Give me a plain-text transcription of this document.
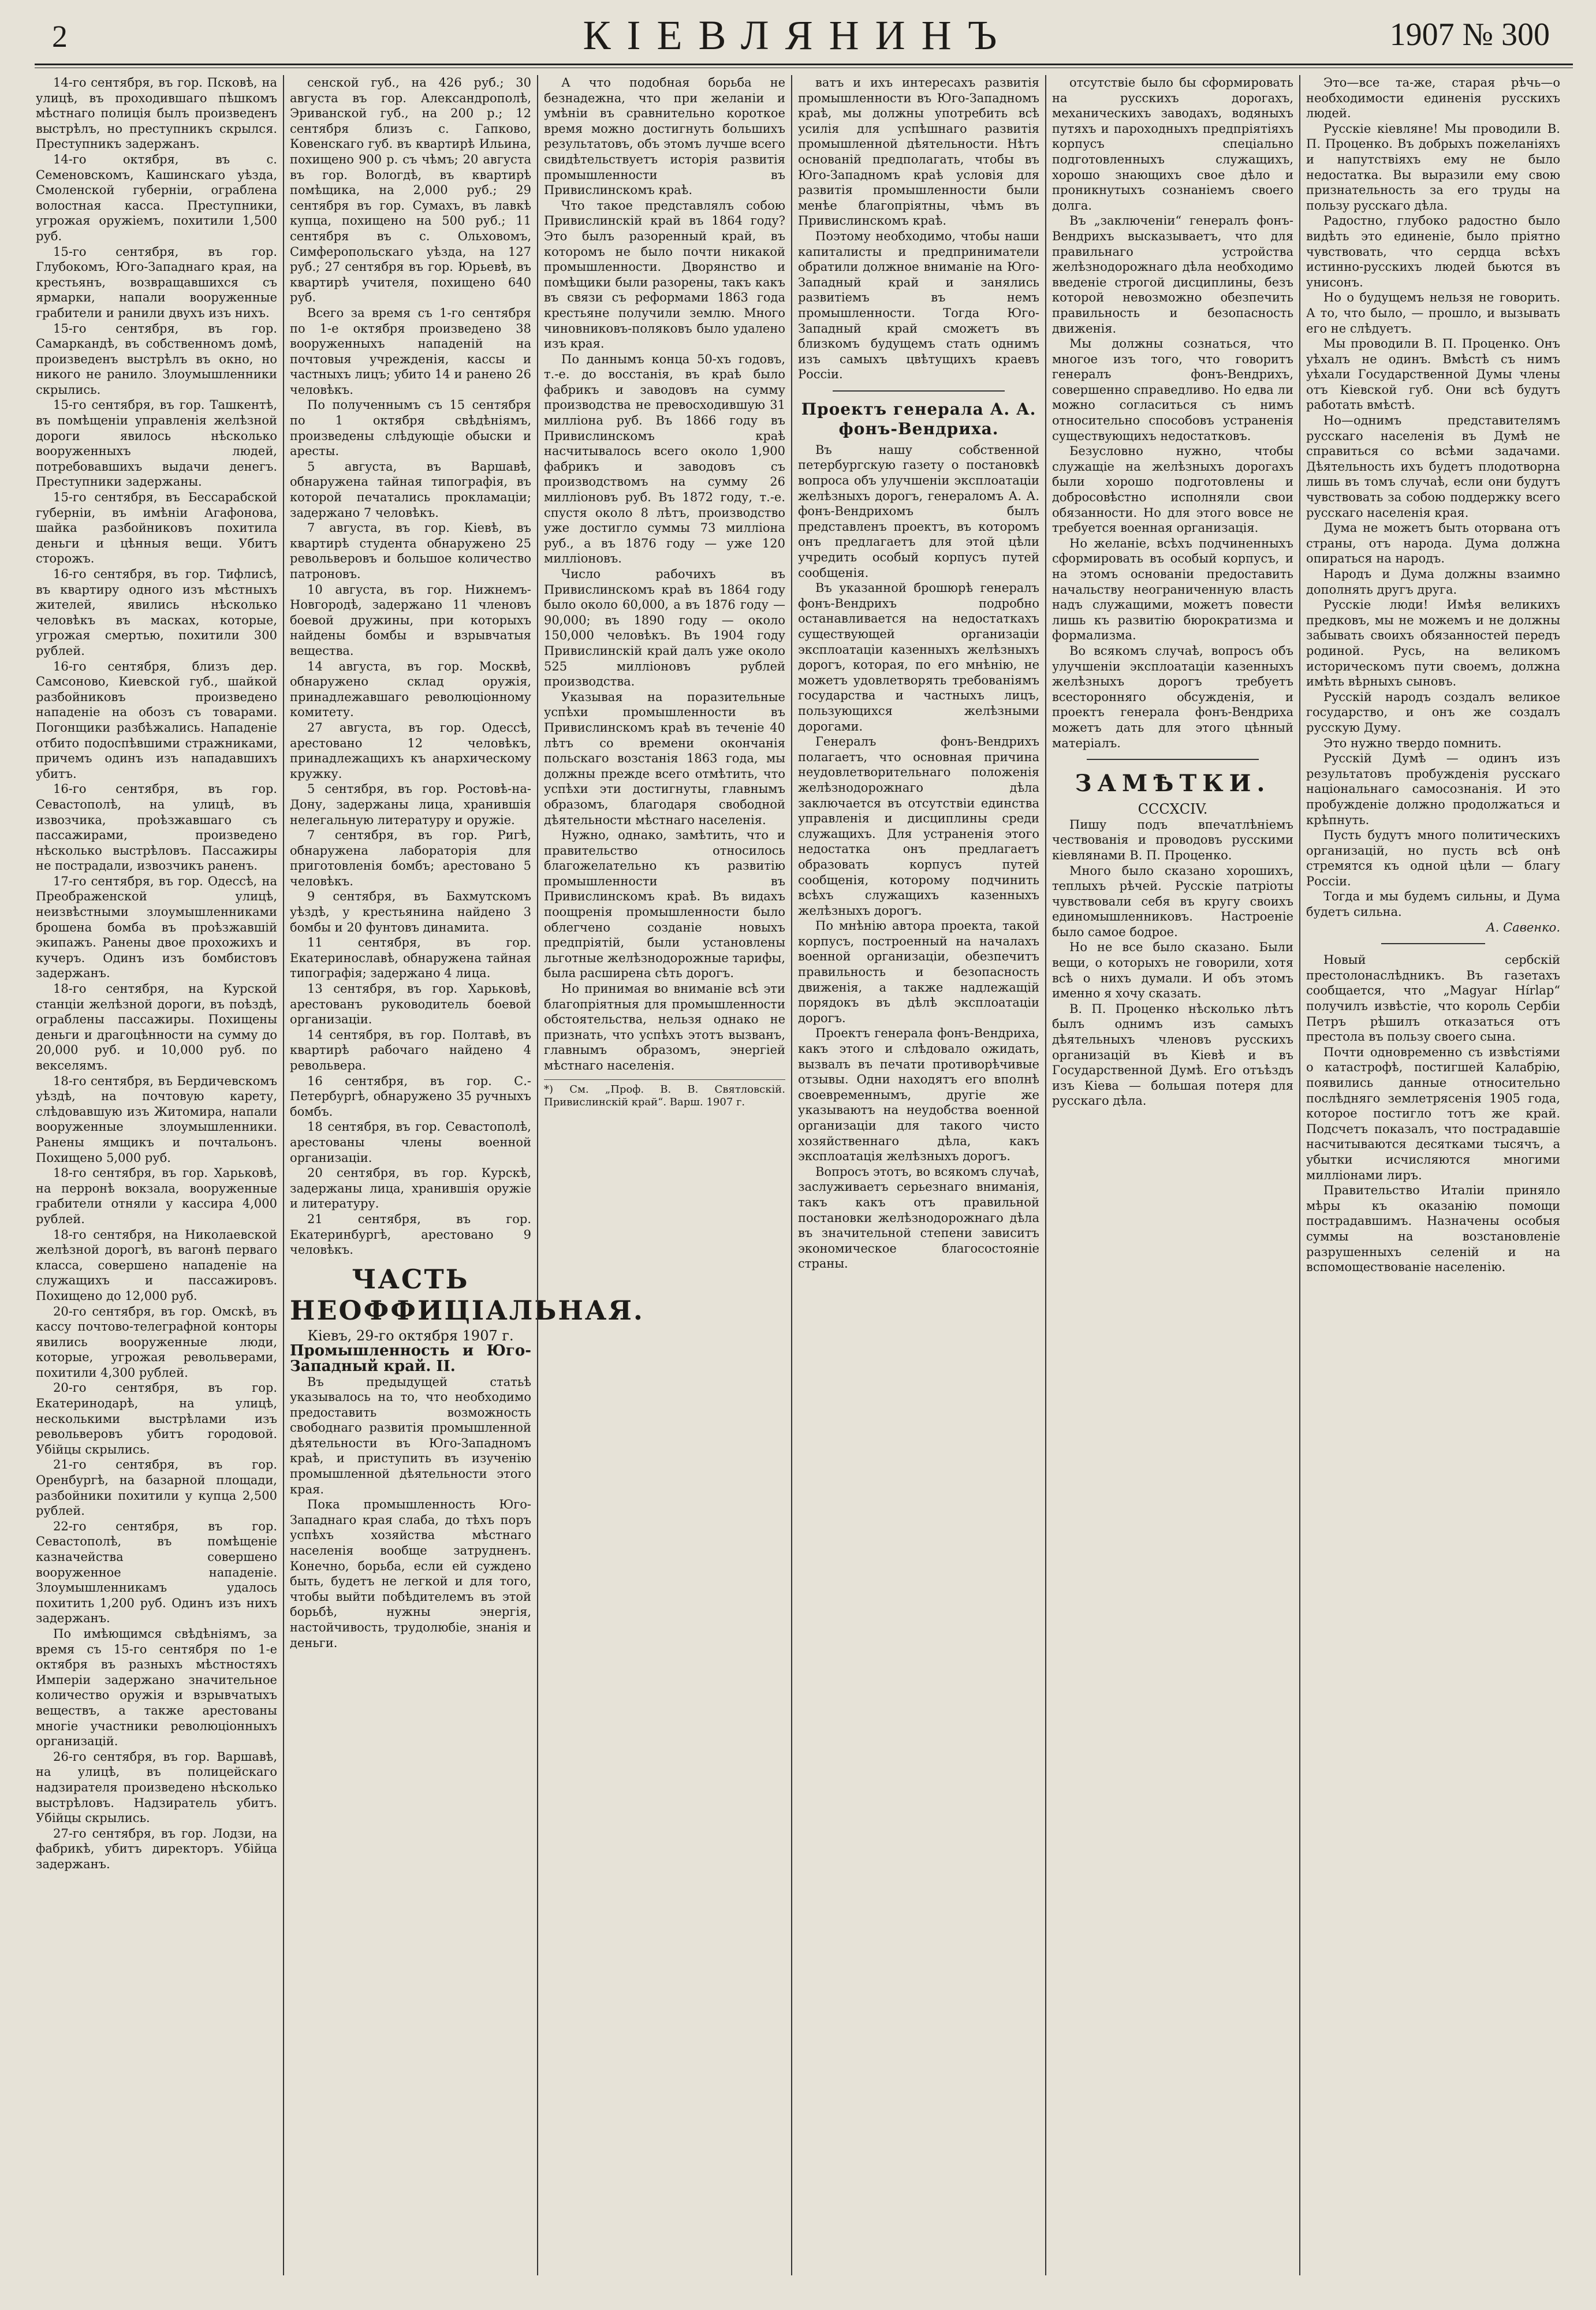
2	КІЕВЛЯНИНЪ	1907 № 300

14-го сентября, въ гор. Псковѣ, на улицѣ, въ проходившаго пѣшкомъ мѣстнаго полиція былъ произведенъ выстрѣлъ, но преступникъ скрылся. Преступникъ задержанъ.

14-го октября, въ с. Семеновскомъ, Кашинскаго уѣзда, Смоленской губерніи, ограблена волостная касса. Преступники, угрожая оружіемъ, похитили 1,500 руб.

15-го сентября, въ гор. Глубокомъ, Юго-Западнаго края, на крестьянъ, возвращавшихся съ ярмарки, напали вооруженные грабители и ранили двухъ изъ нихъ.

15-го сентября, въ гор. Самаркандѣ, въ собственномъ домѣ, произведенъ выстрѣлъ въ окно, но никого не ранило. Злоумышленники скрылись.

15-го сентября, въ гор. Ташкентѣ, въ помѣщеніи управленія желѣзной дороги явилось нѣсколько вооруженныхъ людей, потребовавшихъ выдачи денегъ. Преступники задержаны.

15-го сентября, въ Бессарабской губерніи, въ имѣніи Агафонова, шайка разбойниковъ похитила деньги и цѣнныя вещи. Убитъ сторожъ.

16-го сентября, въ гор. Тифлисѣ, въ квартиру одного изъ мѣстныхъ жителей, явились нѣсколько человѣкъ въ масках, которые, угрожая смертью, похитили 300 рублей.

16-го сентября, близъ дер. Самсоново, Киевской губ., шайкой разбойниковъ произведено нападеніе на обозъ съ товарами. Погонщики разбѣжались. Нападеніе отбито подоспѣвшими стражниками, причемъ одинъ изъ нападавшихъ убитъ.

16-го сентября, въ гор. Севастополѣ, на улицѣ, въ извозчика, проѣзжавшаго съ пассажирами, произведено нѣсколько выстрѣловъ. Пассажиры не пострадали, извозчикъ раненъ.

17-го сентября, въ гор. Одессѣ, на Преображенской улицѣ, неизвѣстными злоумышленниками брошена бомба въ проѣзжавшій экипажъ. Ранены двое прохожихъ и кучеръ. Одинъ изъ бомбистовъ задержанъ.

18-го сентября, на Курской станціи желѣзной дороги, въ поѣздѣ, ограблены пассажиры. Похищены деньги и драгоцѣнности на сумму до 20,000 руб. и 10,000 руб. по векселямъ.

18-го сентября, въ Бердичевскомъ уѣздѣ, на почтовую карету, слѣдовавшую изъ Житомира, напали вооруженные злоумышленники. Ранены ямщикъ и почтальонъ. Похищено 5,000 руб.

18-го сентября, въ гор. Харьковѣ, на перронѣ вокзала, вооруженные грабители отняли у кассира 4,000 рублей.

18-го сентября, на Николаевской желѣзной дорогѣ, въ вагонѣ перваго класса, совершено нападеніе на служащихъ и пассажировъ. Похищено до 12,000 руб.

20-го сентября, въ гор. Омскѣ, въ кассу почтово-телеграфной конторы явились вооруженные люди, которые, угрожая револьверами, похитили 4,300 рублей.

20-го сентября, въ гор. Екатеринодарѣ, на улицѣ, несколькими выстрѣлами изъ револьверовъ убитъ городовой. Убійцы скрылись.

21-го сентября, въ гор. Оренбургѣ, на базарной площади, разбойники похитили у купца 2,500 рублей.

22-го сентября, въ гор. Севастополѣ, въ помѣщеніе казначейства совершено вооруженное нападеніе. Злоумышленникамъ удалось похитить 1,200 руб. Одинъ изъ нихъ задержанъ.

По имѣющимся свѣдѣніямъ, за время съ 15-го сентября по 1-е октября въ разныхъ мѣстностяхъ Имперіи задержано значительное количество оружія и взрывчатыхъ веществъ, а также арестованы многіе участники революціонныхъ организацій.

26-го сентября, въ гор. Варшавѣ, на улицѣ, въ полицейскаго надзирателя произведено нѣсколько выстрѣловъ. Надзиратель убитъ. Убійцы скрылись.

27-го сентября, въ гор. Лодзи, на фабрикѣ, убитъ директоръ. Убійца задержанъ.

сенской губ., на 426 руб.; 30 августа въ гор. Александрополѣ, Эриванской губ., на 200 р.; 12 сентября близъ с. Гапково, Ковенскаго губ. въ квартирѣ Ильина, похищено 900 р. съ чѣмъ; 20 августа въ гор. Вологдѣ, въ квартирѣ помѣщика, на 2,000 руб.; 29 сентября въ гор. Сумахъ, въ лавкѣ купца, похищено на 500 руб.; 11 сентября въ с. Ольховомъ, Симферопольскаго уѣзда, на 127 руб.; 27 сентября въ гор. Юрьевѣ, въ квартирѣ учителя, похищено 640 руб.

Всего за время съ 1-го сентября по 1-е октября произведено 38 вооруженныхъ нападеній на почтовыя учрежденія, кассы и частныхъ лицъ; убито 14 и ранено 26 человѣкъ.

По полученнымъ съ 15 сентября по 1 октября свѣдѣніямъ, произведены слѣдующіе обыски и аресты.

5 августа, въ Варшавѣ, обнаружена тайная типографія, въ которой печатались прокламаціи; задержано 7 человѣкъ.

7 августа, въ гор. Кіевѣ, въ квартирѣ студента обнаружено 25 револьверовъ и большое количество патроновъ.

10 августа, въ гор. Нижнемъ-Новгородѣ, задержано 11 членовъ боевой дружины, при которыхъ найдены бомбы и взрывчатыя вещества.

14 августа, въ гор. Москвѣ, обнаружено склад оружія, принадлежавшаго революціонному комитету.

27 августа, въ гор. Одессѣ, арестовано 12 человѣкъ, принадлежащихъ къ анархическому кружку.

5 сентября, въ гор. Ростовѣ-на-Дону, задержаны лица, хранившія нелегальную литературу и оружіе.

7 сентября, въ гор. Ригѣ, обнаружена лабораторія для приготовленія бомбъ; арестовано 5 человѣкъ.

9 сентября, въ Бахмутскомъ уѣздѣ, у крестьянина найдено 3 бомбы и 20 фунтовъ динамита.

11 сентября, въ гор. Екатеринославѣ, обнаружена тайная типографія; задержано 4 лица.

13 сентября, въ гор. Харьковѣ, арестованъ руководитель боевой организаціи.

14 сентября, въ гор. Полтавѣ, въ квартирѣ рабочаго найдено 4 револьвера.

16 сентября, въ гор. С.-Петербургѣ, обнаружено 35 ручныхъ бомбъ.

18 сентября, въ гор. Севастополѣ, арестованы члены военной организаціи.

20 сентября, въ гор. Курскѣ, задержаны лица, хранившія оружіе и литературу.

21 сентября, въ гор. Екатеринбургѣ, арестовано 9 человѣкъ.

ЧАСТЬ НЕОФФИЦІАЛЬНАЯ.

Кіевъ, 29-го октября 1907 г.

Промышленность и Юго-Западный край. II.

Въ предыдущей статьѣ указывалось на то, что необходимо предоставить возможность свободнаго развитія промышленной дѣятельности въ Юго-Западномъ краѣ, и приступить въ изученію промышленной дѣятельности этого края.

Пока промышленность Юго-Западнаго края слаба, до тѣхъ поръ успѣхъ хозяйства мѣстнаго населенія вообще затрудненъ. Конечно, борьба, если ей суждено быть, будетъ не легкой и для того, чтобы выйти побѣдителемъ въ этой борьбѣ, нужны энергія, настойчивость, трудолюбіе, знанія и деньги.

А что подобная борьба не безнадежна, что при желаніи и умѣніи въ сравнительно короткое время можно достигнуть большихъ результатовъ, объ этомъ лучше всего свидѣтельствуетъ исторія развитія промышленности въ Привислинскомъ краѣ.

Что такое представлялъ собою Привислинскій край въ 1864 году? Это былъ разоренный край, въ которомъ не было почти никакой промышленности. Дворянство и помѣщики были разорены, такъ какъ въ связи съ реформами 1863 года крестьяне получили землю. Много чиновниковъ-поляковъ было удалено изъ края.

По даннымъ конца 50-хъ годовъ, т.-е. до восстанія, въ краѣ было фабрикъ и заводовъ на сумму производства не превосходившую 31 милліона руб. Въ 1866 году въ Привислинскомъ краѣ насчитывалось всего около 1,900 фабрикъ и заводовъ съ производствомъ на сумму 26 милліоновъ руб. Въ 1872 году, т.-е. спустя около 8 лѣтъ, производство уже достигло суммы 73 милліона руб., а въ 1876 году — уже 120 милліоновъ.

Число рабочихъ въ Привислинскомъ краѣ въ 1864 году было около 60,000, а въ 1876 году — 90,000; въ 1890 году — около 150,000 человѣкъ. Въ 1904 году Привислинскій край далъ уже около 525 милліоновъ рублей производства.

Указывая на поразительные успѣхи промышленности въ Привислинскомъ краѣ въ теченіе 40 лѣтъ со времени окончанія польскаго возстанія 1863 года, мы должны прежде всего отмѣтить, что успѣхи эти достигнуты, главнымъ образомъ, благодаря свободной дѣятельности мѣстнаго населенія.

Нужно, однако, замѣтить, что и правительство относилось благожелательно къ развитію промышленности въ Привислинскомъ краѣ. Въ видахъ поощренія промышленности было облегчено созданіе новыхъ предпріятій, были установлены льготные желѣзнодорожные тарифы, была расширена сѣть дорогъ.

Но принимая во вниманіе всѣ эти благопріятныя для промышленности обстоятельства, нельзя однако не признать, что успѣхъ этотъ вызванъ, главнымъ образомъ, энергіей мѣстнаго населенія.

*) См. „Проф. В. В. Святловскій. Привислинскій край“. Варш. 1907 г.

ватъ и ихъ интересахъ развитія промышленности въ Юго-Западномъ краѣ, мы должны употребить всѣ усилія для успѣшнаго развитія промышленной дѣятельности. Нѣтъ основаній предполагать, чтобы въ Юго-Западномъ краѣ условія для развитія промышленности были менѣе благопріятны, чѣмъ въ Привислинскомъ краѣ.

Поэтому необходимо, чтобы наши капиталисты и предприниматели обратили должное вниманіе на Юго-Западный край и занялись развитіемъ въ немъ промышленности. Тогда Юго-Западный край сможетъ въ близкомъ будущемъ стать однимъ изъ самыхъ цвѣтущихъ краевъ Россіи.

Проектъ генерала А. А. фонъ-Вендриха.

Въ нашу собственной петербургскую газету о постановкѣ вопроса объ улучшеніи эксплоатаціи желѣзныхъ дорогъ, генераломъ А. А. фонъ-Вендрихомъ былъ представленъ проектъ, въ которомъ онъ предлагаетъ для этой цѣли учредить особый корпусъ путей сообщенія.

Въ указанной брошюрѣ генералъ фонъ-Вендрихъ подробно останавливается на недостаткахъ существующей организаціи эксплоатаціи казенныхъ желѣзныхъ дорогъ, которая, по его мнѣнію, не можетъ удовлетворять требованіямъ государства и частныхъ лицъ, пользующихся желѣзными дорогами.

Генералъ фонъ-Вендрихъ полагаетъ, что основная причина неудовлетворительнаго положенія желѣзнодорожнаго дѣла заключается въ отсутствіи единства управленія и дисциплины среди служащихъ. Для устраненія этого недостатка онъ предлагаетъ образовать корпусъ путей сообщенія, которому подчинить всѣхъ служащихъ казенныхъ желѣзныхъ дорогъ.

По мнѣнію автора проекта, такой корпусъ, построенный на началахъ военной организаціи, обезпечитъ правильность и безопасность движенія, а также надлежащій порядокъ въ дѣлѣ эксплоатаціи дорогъ.

Проектъ генерала фонъ-Вендриха, какъ этого и слѣдовало ожидать, вызвалъ въ печати противорѣчивые отзывы. Одни находятъ его вполнѣ своевременнымъ, другіе же указываютъ на неудобства военной организаціи для такого чисто хозяйственнаго дѣла, какъ эксплоатація желѣзныхъ дорогъ.

Вопросъ этотъ, во всякомъ случаѣ, заслуживаетъ серьезнаго вниманія, такъ какъ отъ правильной постановки желѣзнодорожнаго дѣла въ значительной степени зависитъ экономическое благосостояніе страны.

отсутствіе было бы сформировать на русскихъ дорогахъ, механическихъ заводахъ, водяныхъ путяхъ и пароходныхъ предпріятіяхъ корпусъ спеціально подготовленныхъ служащихъ, хорошо знающихъ свое дѣло и проникнутыхъ сознаніемъ своего долга.

Въ „заключеніи“ генералъ фонъ-Вендрихъ высказываетъ, что для правильнаго устройства желѣзнодорожнаго дѣла необходимо введеніе строгой дисциплины, безъ которой невозможно обезпечить правильность и безопасность движенія.

Мы должны сознаться, что многое изъ того, что говоритъ генералъ фонъ-Вендрихъ, совершенно справедливо. Но едва ли можно согласиться съ нимъ относительно способовъ устраненія существующихъ недостатковъ.

Безусловно нужно, чтобы служащіе на желѣзныхъ дорогахъ были хорошо подготовлены и добросовѣстно исполняли свои обязанности. Но для этого вовсе не требуется военная организація.

Но желаніе, всѣхъ подчиненныхъ сформировать въ особый корпусъ, и на этомъ основаніи предоставить начальству неограниченную власть надъ служащими, можетъ повести лишь къ развитію бюрократизма и формализма.

Во всякомъ случаѣ, вопросъ объ улучшеніи эксплоатаціи казенныхъ желѣзныхъ дорогъ требуетъ всесторонняго обсужденія, и проектъ генерала фонъ-Вендриха можетъ дать для этого цѣнный матеріалъ.

ЗАМѢТКИ.

СССХСІV.

Пишу подъ впечатлѣніемъ чествованія и проводовъ русскими кіевлянами В. П. Проценко.

Много было сказано хорошихъ, теплыхъ рѣчей. Русскіе патріоты чувствовали себя въ кругу своихъ единомышленниковъ. Настроеніе было самое бодрое.

Но не все было сказано. Были вещи, о которыхъ не говорили, хотя всѣ о нихъ думали. И объ этомъ именно я хочу сказать.

В. П. Проценко нѣсколько лѣтъ былъ однимъ изъ самыхъ дѣятельныхъ членовъ русскихъ организацій въ Кіевѣ и въ Государственной Думѣ. Его отъѣздъ изъ Кіева — большая потеря для русскаго дѣла.

Это—все та-же, старая рѣчь—о необходимости единенія русскихъ людей.

Русскіе кіевляне! Мы проводили В. П. Проценко. Въ добрыхъ пожеланіяхъ и напутствіяхъ ему не было недостатка. Вы выразили ему свою признательность за его труды на пользу русскаго дѣла.

Радостно, глубоко радостно было видѣть это единеніе, было пріятно чувствовать, что сердца всѣхъ истинно-русскихъ людей бьются въ унисонъ.

Но о будущемъ нельзя не говорить. А то, что было, — прошло, и вызывать его не слѣдуетъ.

Мы проводили В. П. Проценко. Онъ уѣхалъ не одинъ. Вмѣстѣ съ нимъ уѣхали Государственной Думы члены отъ Кіевской губ. Они всѣ будутъ работать вмѣстѣ.

Но—однимъ представителямъ русскаго населенія въ Думѣ не справиться со всѣми задачами. Дѣятельность ихъ будетъ плодотворна лишь въ томъ случаѣ, если они будутъ чувствовать за собою поддержку всего русскаго населенія края.

Дума не можетъ быть оторвана отъ страны, отъ народа. Дума должна опираться на народъ.

Народъ и Дума должны взаимно дополнять другъ друга.

Русскіе люди! Имѣя великихъ предковъ, мы не можемъ и не должны забывать своихъ обязанностей передъ родиной. Русь, на великомъ историческомъ пути своемъ, должна имѣть вѣрныхъ сыновъ.

Русскій народъ создалъ великое государство, и онъ же создалъ русскую Думу.

Это нужно твердо помнить.

Русскій Думѣ — одинъ изъ результатовъ пробужденія русскаго національнаго самосознанія. И это пробужденіе должно продолжаться и крѣпнуть.

Пусть будутъ много политическихъ организацій, но пусть всѣ онѣ стремятся къ одной цѣли — благу Россіи.

Тогда и мы будемъ сильны, и Дума будетъ сильна.

А. Савенко.

Новый сербскій престолонаслѣдникъ. Въ газетахъ сообщается, что „Magyar Hírlap“ получилъ извѣстіе, что король Сербіи Петръ рѣшилъ отказаться отъ престола въ пользу своего сына.

Почти одновременно съ извѣстіями о катастрофѣ, постигшей Калабрію, появились данные относительно послѣдняго землетрясенія 1905 года, которое постигло тотъ же край. Подсчетъ показалъ, что пострадавшіе насчитываются десятками тысячъ, а убытки исчисляются многими милліонами лиръ.

Правительство Италіи приняло мѣры къ оказанію помощи пострадавшимъ. Назначены особыя суммы на возстановленіе разрушенныхъ селеній и на вспомоществованіе населенію.
